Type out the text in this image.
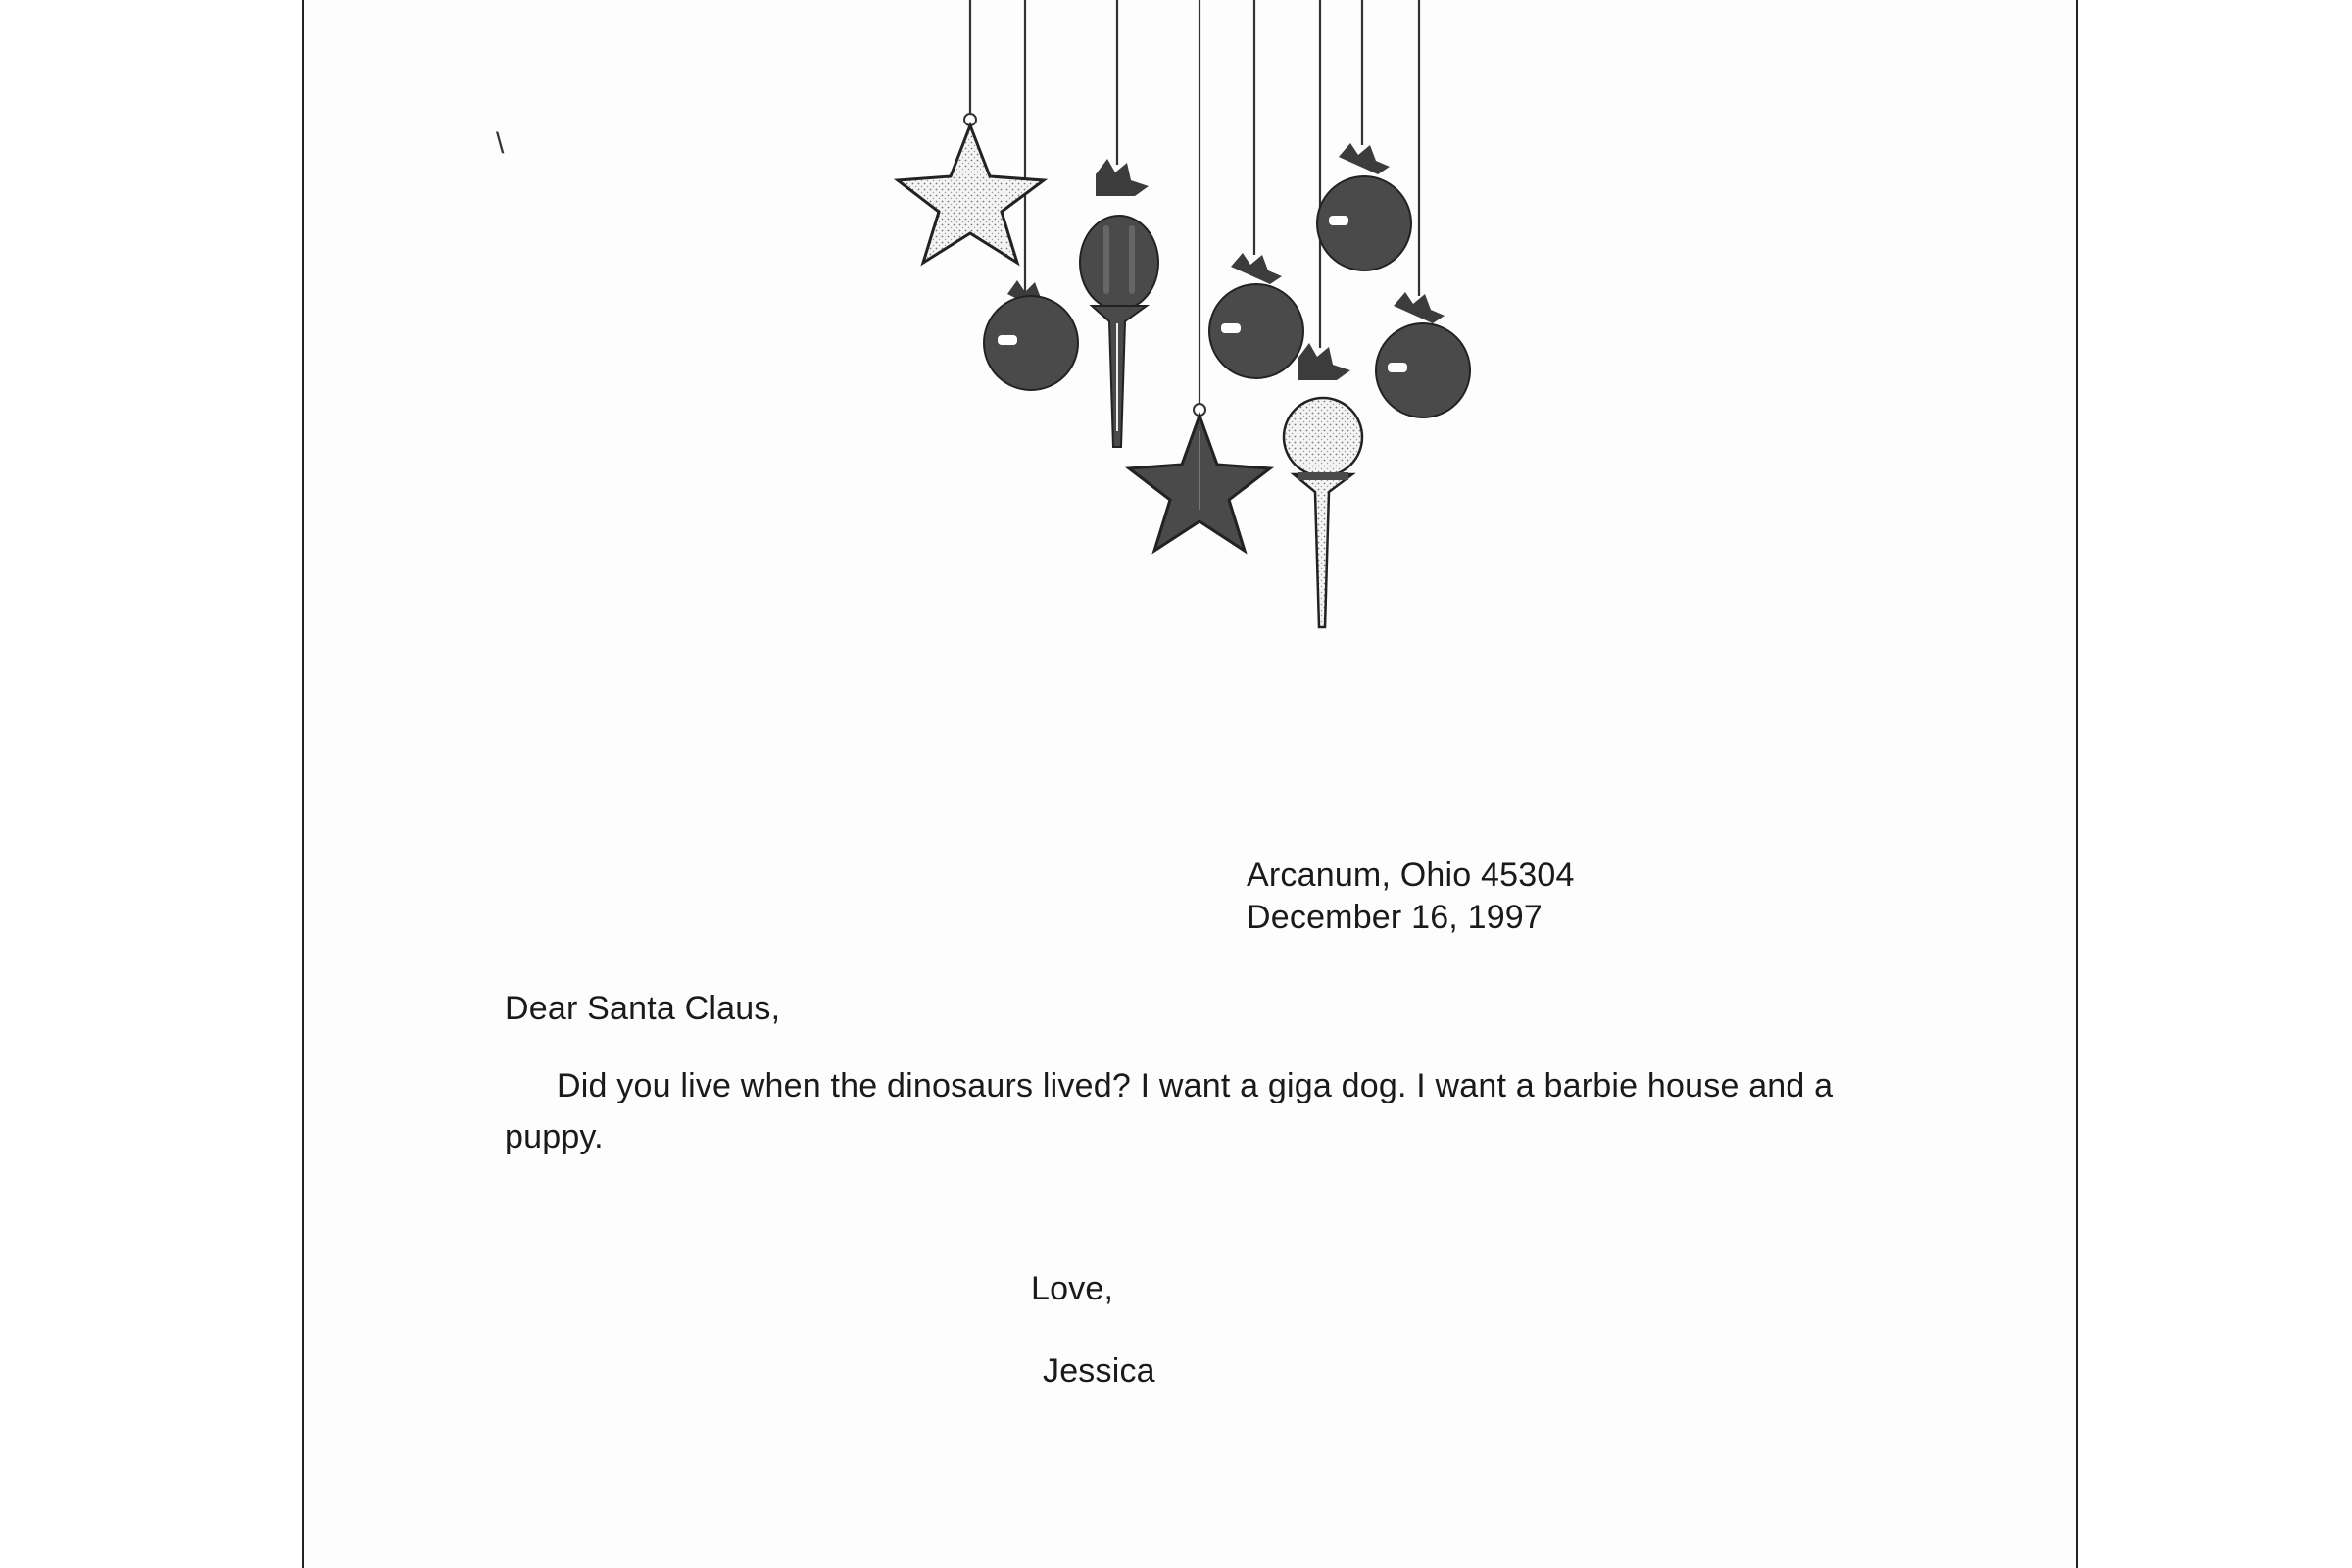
\
Arcanum, Ohio 45304
December 16, 1997
Dear Santa Claus,
Did you live when the dinosaurs lived? I want a giga dog. I want a barbie house and a puppy.
Love,
Jessica
